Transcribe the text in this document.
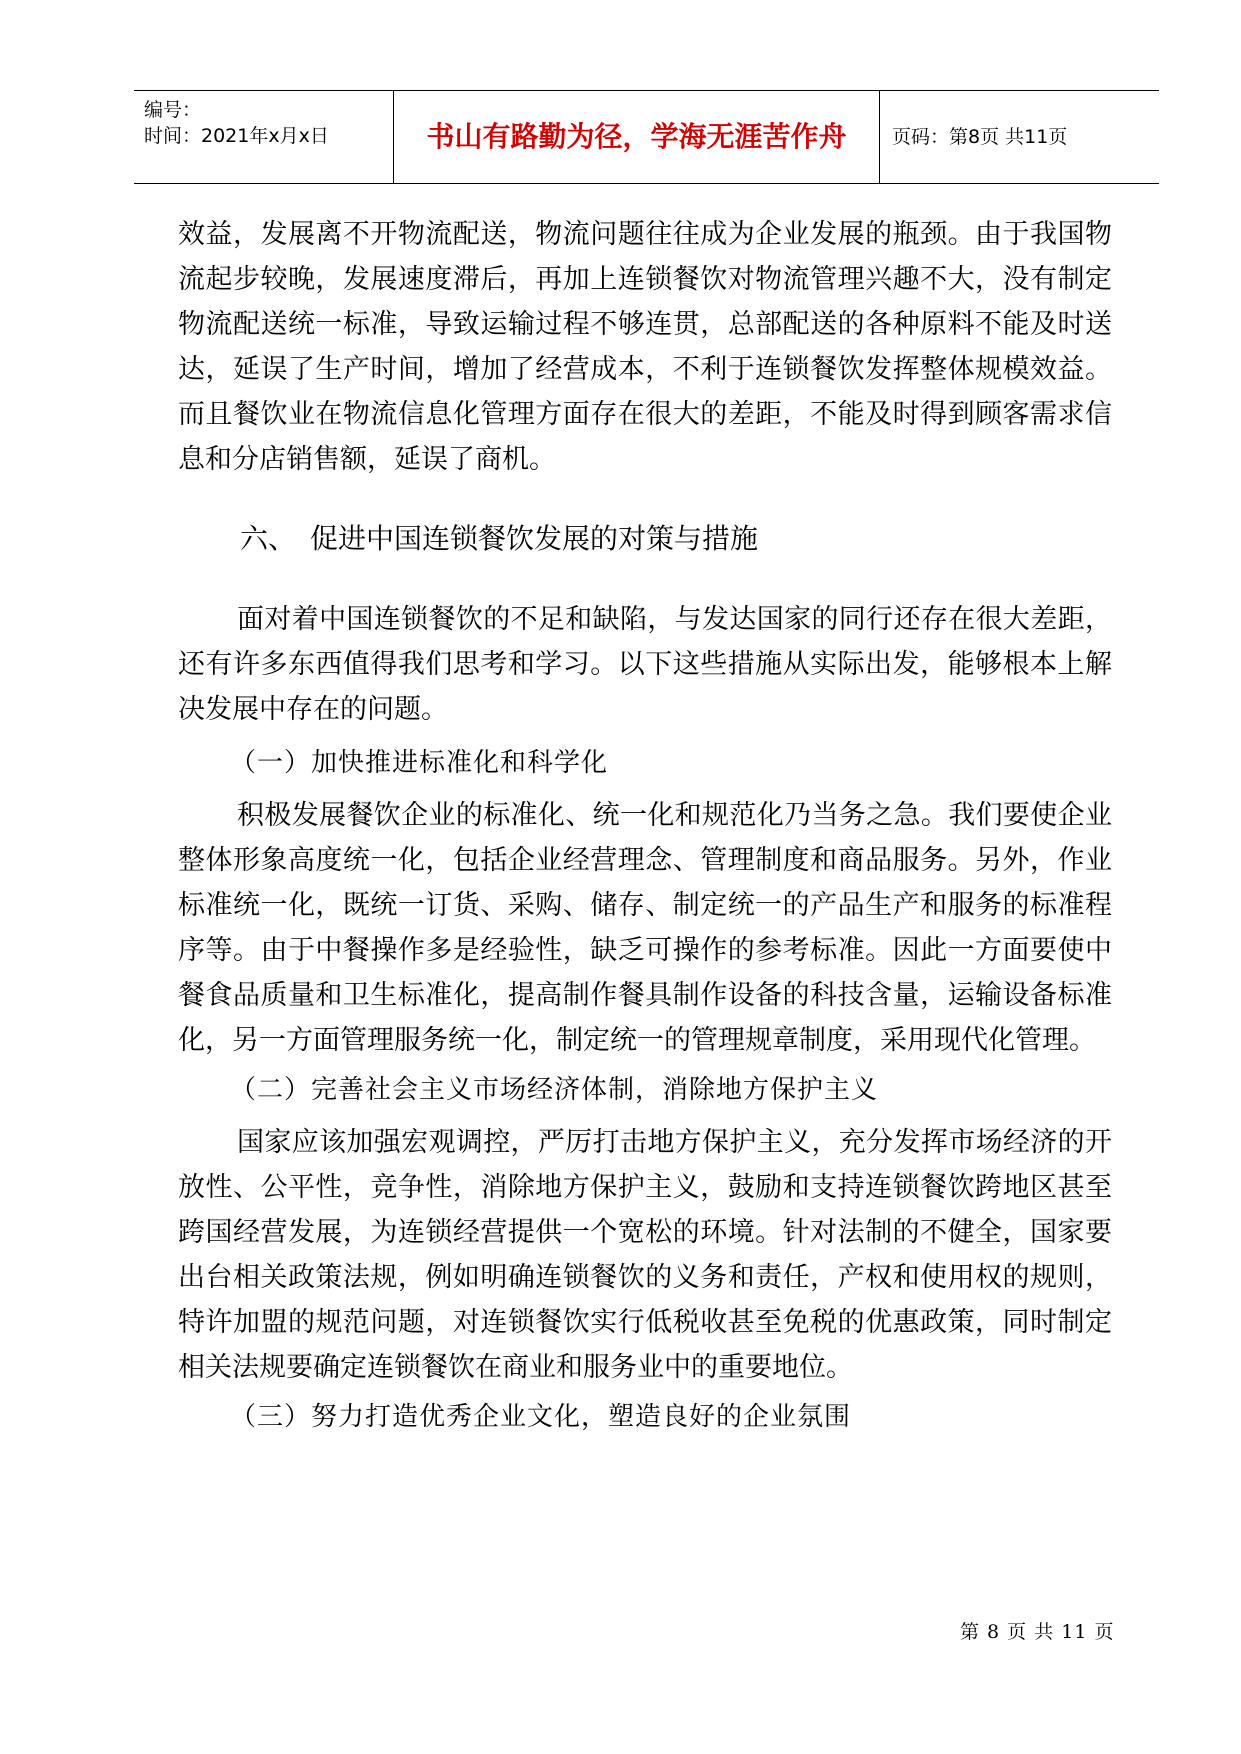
编号：
时间：2021年x月x日	书山有路勤为径，学海无涯苦作舟	页码：第8页 共11页

效益，发展离不开物流配送，物流问题往往成为企业发展的瓶颈。由于我国物流起步较晚，发展速度滞后，再加上连锁餐饮对物流管理兴趣不大，没有制定物流配送统一标准，导致运输过程不够连贯，总部配送的各种原料不能及时送达，延误了生产时间，增加了经营成本，不利于连锁餐饮发挥整体规模效益。而且餐饮业在物流信息化管理方面存在很大的差距，不能及时得到顾客需求信息和分店销售额，延误了商机。

六、　促进中国连锁餐饮发展的对策与措施

面对着中国连锁餐饮的不足和缺陷，与发达国家的同行还存在很大差距，还有许多东西值得我们思考和学习。以下这些措施从实际出发，能够根本上解决发展中存在的问题。

（一）加快推进标准化和科学化

积极发展餐饮企业的标准化、统一化和规范化乃当务之急。我们要使企业整体形象高度统一化，包括企业经营理念、管理制度和商品服务。另外，作业标准统一化，既统一订货、采购、储存、制定统一的产品生产和服务的标准程序等。由于中餐操作多是经验性，缺乏可操作的参考标准。因此一方面要使中餐食品质量和卫生标准化，提高制作餐具制作设备的科技含量，运输设备标准化，另一方面管理服务统一化，制定统一的管理规章制度，采用现代化管理。

（二）完善社会主义市场经济体制，消除地方保护主义

国家应该加强宏观调控，严厉打击地方保护主义，充分发挥市场经济的开放性、公平性，竞争性，消除地方保护主义，鼓励和支持连锁餐饮跨地区甚至跨国经营发展，为连锁经营提供一个宽松的环境。针对法制的不健全，国家要出台相关政策法规，例如明确连锁餐饮的义务和责任，产权和使用权的规则，特许加盟的规范问题，对连锁餐饮实行低税收甚至免税的优惠政策，同时制定相关法规要确定连锁餐饮在商业和服务业中的重要地位。

（三）努力打造优秀企业文化，塑造良好的企业氛围

第 8 页 共 11 页
